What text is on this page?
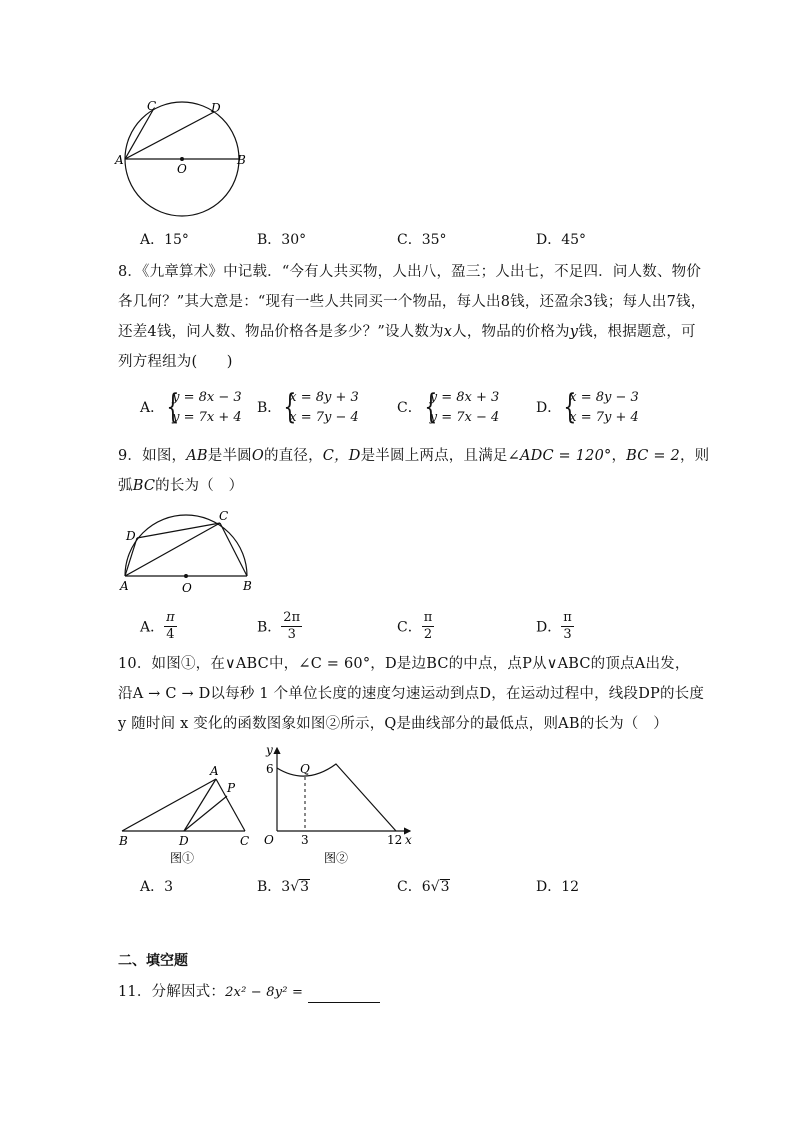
C	D
A
O
B
A．15°	B．30°	C．35°	D．45°
8．《九章算术》中记载．“今有人共买物，人出八，盈三；人出七，不足四．问人数、物价
各几何？”其大意是：“现有一些人共同买一个物品，每人出8钱，还盈余3钱；每人出7钱，
还差4钱，问人数、物品价格各是多少？”设人数为x人，物品的价格为y钱，根据题意，可
列方程组为(　　)
A． {
y = 8x − 3
y = 7x + 4
B． {
x = 8y + 3
x = 7y − 4
C． {
y = 8x + 3
y = 7x − 4
D． {
x = 8y − 3
x = 7y + 4
9．如图，AB是半圆O的直径，C，D是半圆上两点，且满足∠ADC = 120°，BC = 2，则
弧BC的长为（　）
C
D
A	O	B
A． $\frac{\pi}{4}$	B． $\frac{2\pi}{3}$	C． $\frac{\pi}{2}$	D． $\frac{\pi}{3}$
10．如图①，在∨ABC中，∠C = 60°，D是边BC的中点，点P从∨ABC的顶点A出发，
沿A → C → D以每秒 1 个单位长度的速度匀速运动到点D，在运动过程中，线段DP的长度
y 随时间 x 变化的函数图象如图②所示，Q是曲线部分的最低点，则AB的长为（　）
A
P
B	D	C
图①
y
6 Q
O 3	12 x
图②
A．3	B．3√3	C．6√3	D．12
二、填空题
11．分解因式：2x² − 8y² =
